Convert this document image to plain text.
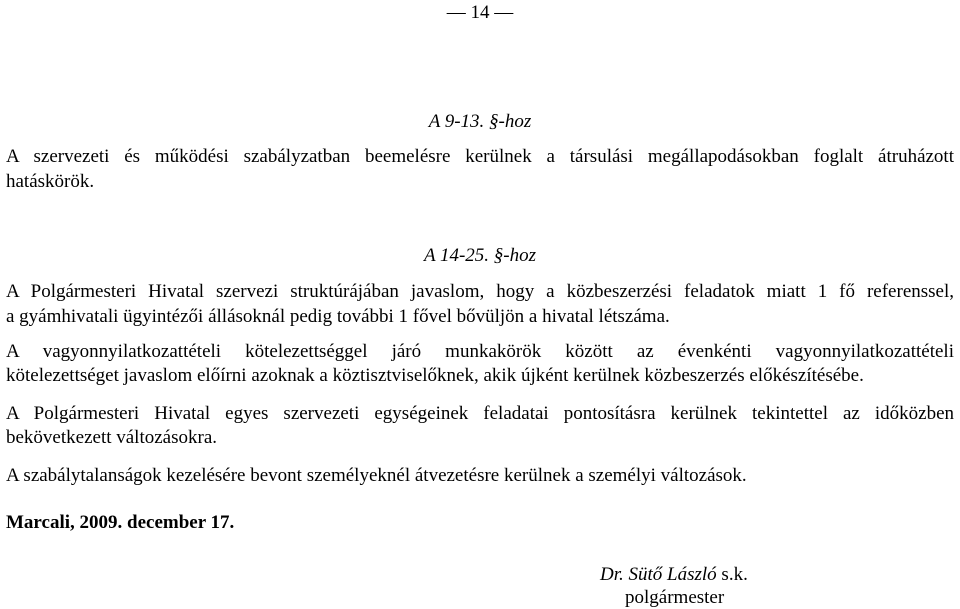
— 14 —
A 9-13. §-hoz
A szervezeti és működési szabályzatban beemelésre kerülnek a társulási megállapodásokban foglalt átruházott
hatáskörök.
A 14-25. §-hoz
A Polgármesteri Hivatal szervezi struktúrájában javaslom, hogy a közbeszerzési feladatok miatt 1 fő referenssel,
a gyámhivatali ügyintézői állásoknál pedig további 1 fővel bővüljön a hivatal létszáma.
A vagyonnyilatkozattételi kötelezettséggel járó munkakörök között az évenkénti vagyonnyilatkozattételi
kötelezettséget javaslom előírni azoknak a köztisztviselőknek, akik újként kerülnek közbeszerzés előkészítésébe.
A Polgármesteri Hivatal egyes szervezeti egységeinek feladatai pontosításra kerülnek tekintettel az időközben
bekövetkezett változásokra.
A szabálytalanságok kezelésére bevont személyeknél átvezetésre kerülnek a személyi változások.
Marcali, 2009. december 17.
Dr. Sütő László s.k.
polgármester
